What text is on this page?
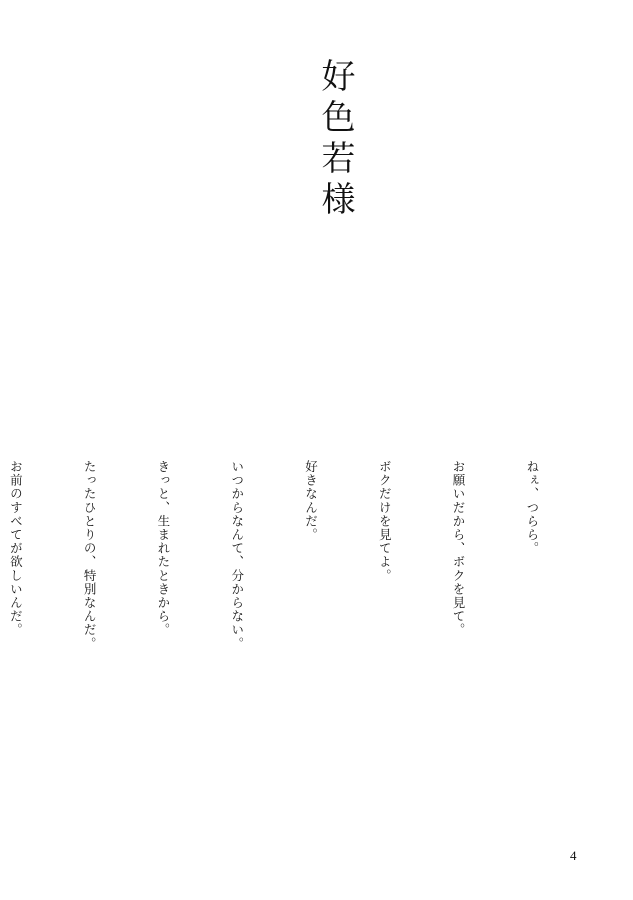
好色若様

ねぇ、つらら。

お願いだから、ボクを見て。

ボクだけを見てよ。

好きなんだ。

いつからなんて、分からない。

きっと、生まれたときから。

たったひとりの、特別なんだ。

お前のすべてが欲しいんだ。

4
